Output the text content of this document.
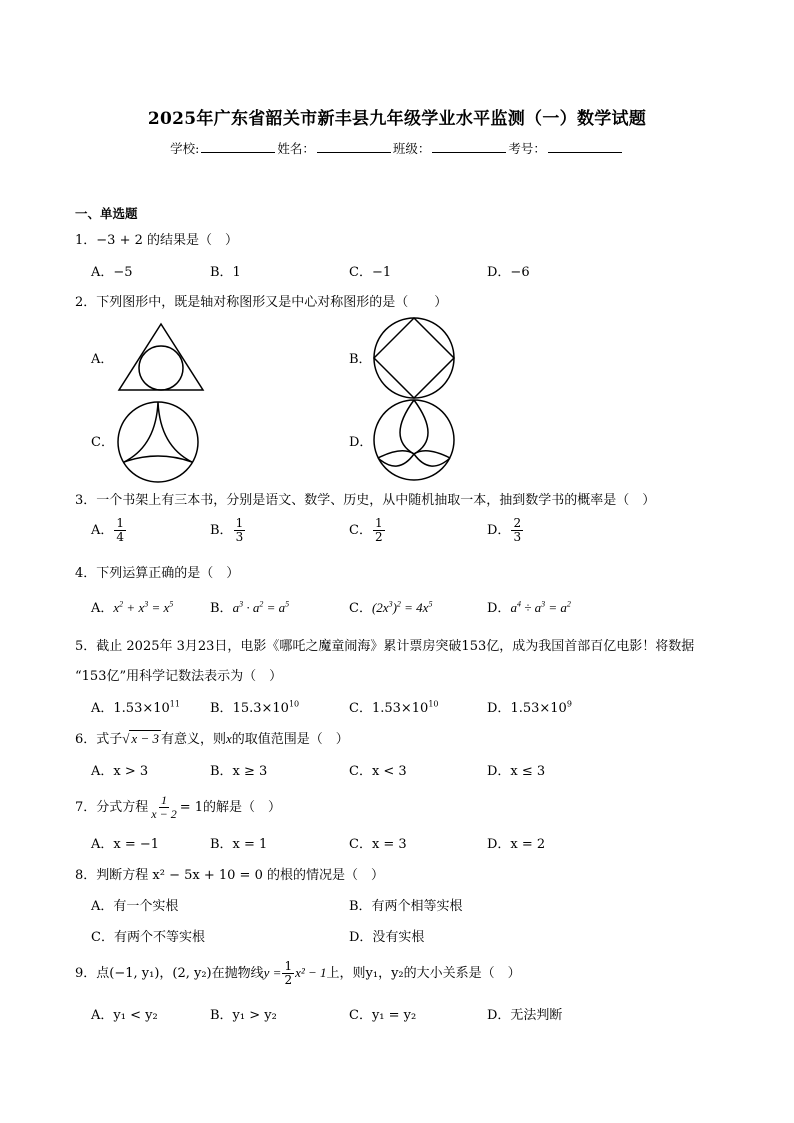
2025年广东省韶关市新丰县九年级学业水平监测（一）数学试题
学校:	姓名：	班级：	考号：
一、单选题
1．−3 + 2 的结果是（　）
A．−5	B．1	C．−1	D．−6
2．下列图形中，既是轴对称图形又是中心对称图形的是（　　）
A．	B．
C．	D．
3．一个书架上有三本书，分别是语文、数学、历史，从中随机抽取一本，抽到数学书的概率是（　）
A． $\frac{1}{4}$	B． $\frac{1}{3}$	C． $\frac{1}{2}$	D． $\frac{2}{3}$
4．下列运算正确的是（　）
A．$x^2 + x^3 = x^5$	B．$a^3 \cdot a^2 = a^5$	C．$(2x^3)^2 = 4x^5$	D．$a^4 \div a^3 = a^2$
5．截止 2025年 3月23日，电影《哪吒之魔童闹海》累计票房突破153亿，成为我国首部百亿电影！将数据
“153亿”用科学记数法表示为（　）
A．$1.53\times 10^{11}$ B．$15.3\times 10^{10}$	C．$1.53\times 10^{10}$	D．$1.53\times 10^9$
6．式子√ x − 3 有意义，则x的取值范围是（　）
A．x > 3	B．x ≥ 3	C．x < 3	D．x ≤ 3
7．分式方程 $\frac{1}{x - 2} = 1$的解是（　）
A．x = −1	B．x = 1	C．x = 3	D．x = 2
8．判断方程 x² − 5x + 10 = 0 的根的情况是（　）
A．有一个实根	B．有两个相等实根
C．有两个不等实根	D．没有实根
9．点(−1, y₁)，(2, y₂)在抛物线$y = \frac{1}{2} x^2 - 1$上，则y₁，y₂的大小关系是（　）
A．y₁ < y₂	B．y₁ > y₂	C．y₁ = y₂	D．无法判断
